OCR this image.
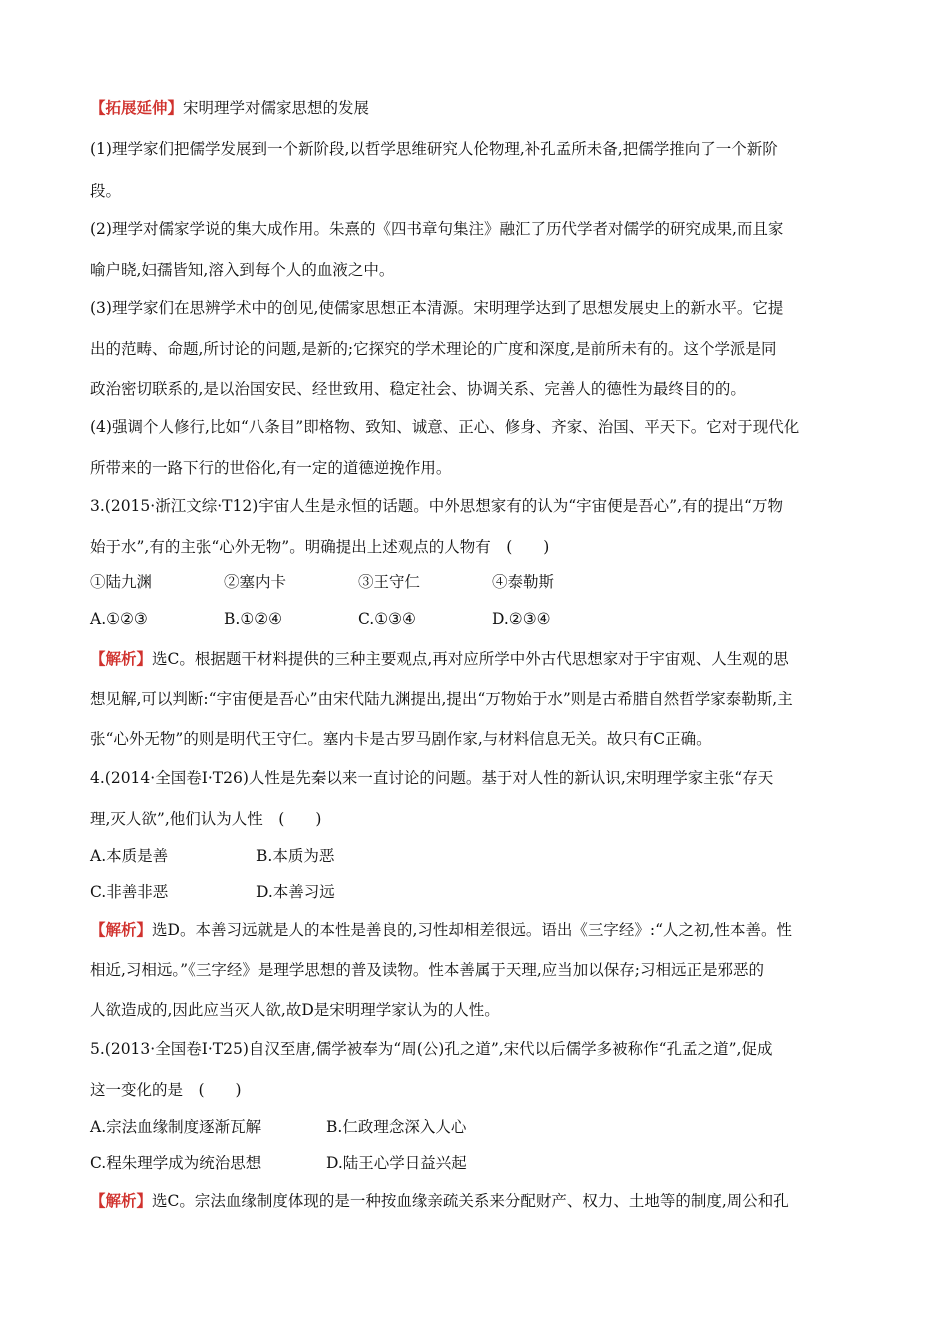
【拓展延伸】宋明理学对儒家思想的发展

(1)理学家们把儒学发展到一个新阶段,以哲学思维研究人伦物理,补孔孟所未备,把儒学推向了一个新阶

段。

(2)理学对儒家学说的集大成作用。朱熹的《四书章句集注》融汇了历代学者对儒学的研究成果,而且家

喻户晓,妇孺皆知,溶入到每个人的血液之中。

(3)理学家们在思辨学术中的创见,使儒家思想正本清源。宋明理学达到了思想发展史上的新水平。它提

出的范畴、命题,所讨论的问题,是新的;它探究的学术理论的广度和深度,是前所未有的。这个学派是同

政治密切联系的,是以治国安民、经世致用、稳定社会、协调关系、完善人的德性为最终目的的。

(4)强调个人修行,比如“八条目”即格物、致知、诚意、正心、修身、齐家、治国、平天下。它对于现代化

所带来的一路下行的世俗化,有一定的道德逆挽作用。

3.(2015·浙江文综·T12)宇宙人生是永恒的话题。中外思想家有的认为“宇宙便是吾心”,有的提出“万物

始于水”,有的主张“心外无物”。明确提出上述观点的人物有　(　　)

①陆九渊	②塞内卡	③王守仁	④泰勒斯
A.①②③	B.①②④	C.①③④	D.②③④

【解析】选C。根据题干材料提供的三种主要观点,再对应所学中外古代思想家对于宇宙观、人生观的思

想见解,可以判断:“宇宙便是吾心”由宋代陆九渊提出,提出“万物始于水”则是古希腊自然哲学家泰勒斯,主

张“心外无物”的则是明代王守仁。塞内卡是古罗马剧作家,与材料信息无关。故只有C正确。

4.(2014·全国卷Ⅰ·T26)人性是先秦以来一直讨论的问题。基于对人性的新认识,宋明理学家主张“存天

理,灭人欲”,他们认为人性　(　　)

A.本质是善	B.本质为恶
C.非善非恶	D.本善习远

【解析】选D。本善习远就是人的本性是善良的,习性却相差很远。语出《三字经》:“人之初,性本善。性

相近,习相远。”《三字经》是理学思想的普及读物。性本善属于天理,应当加以保存;习相远正是邪恶的

人欲造成的,因此应当灭人欲,故D是宋明理学家认为的人性。

5.(2013·全国卷Ⅰ·T25)自汉至唐,儒学被奉为“周(公)孔之道”,宋代以后儒学多被称作“孔孟之道”,促成

这一变化的是　(　　)

A.宗法血缘制度逐渐瓦解	B.仁政理念深入人心
C.程朱理学成为统治思想	D.陆王心学日益兴起

【解析】选C。宗法血缘制度体现的是一种按血缘亲疏关系来分配财产、权力、土地等的制度,周公和孔
